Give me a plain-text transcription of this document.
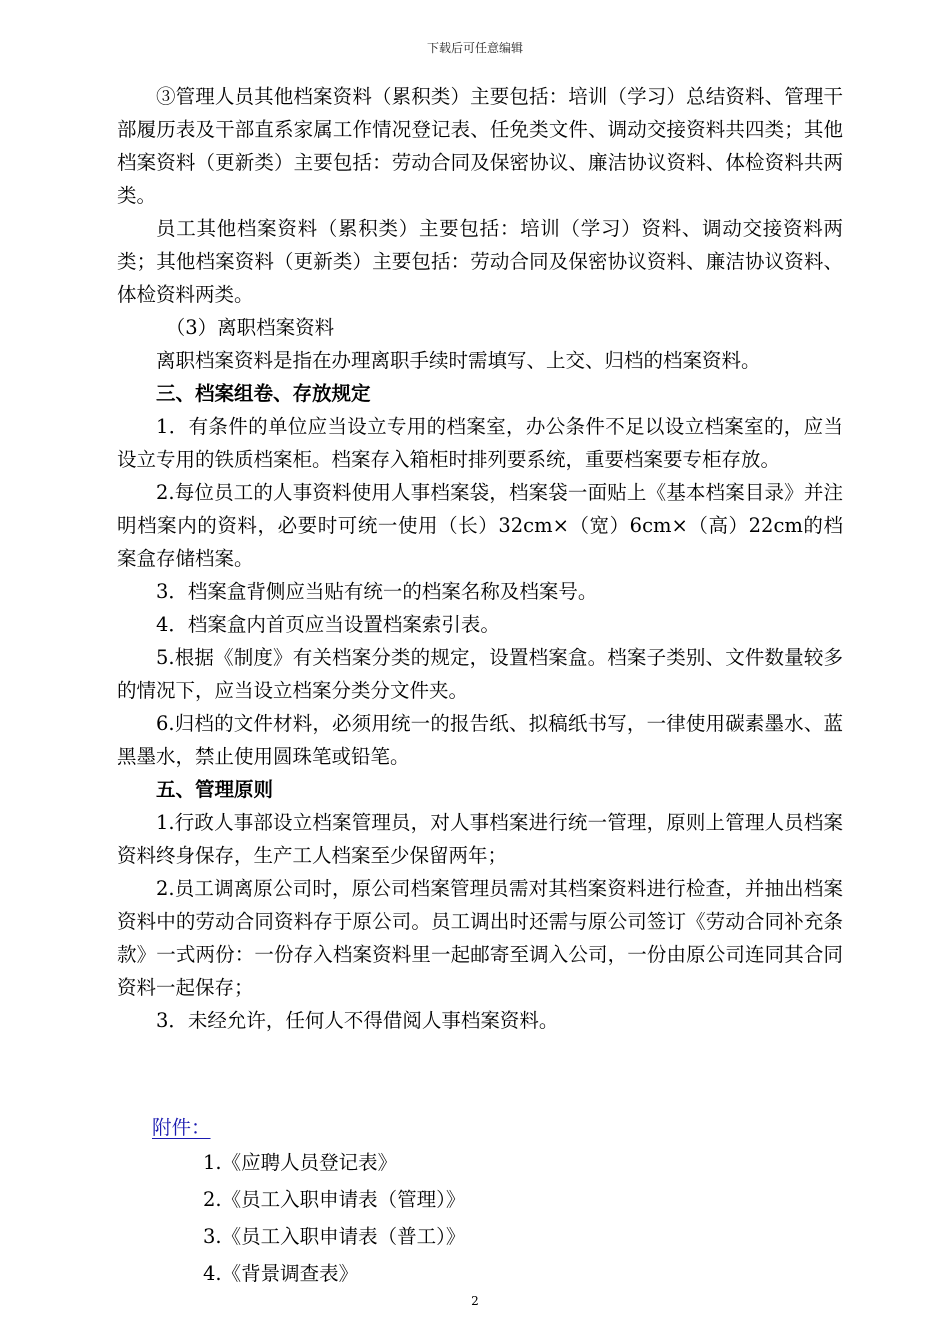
下载后可任意编辑

③管理人员其他档案资料（累积类）主要包括：培训（学习）总结资料、管理干部履历表及干部直系家属工作情况登记表、任免类文件、调动交接资料共四类；其他档案资料（更新类）主要包括：劳动合同及保密协议、廉洁协议资料、体检资料共两类。

员工其他档案资料（累积类）主要包括：培训（学习）资料、调动交接资料两类；其他档案资料（更新类）主要包括：劳动合同及保密协议资料、廉洁协议资料、体检资料两类。

（3）离职档案资料

离职档案资料是指在办理离职手续时需填写、上交、归档的档案资料。

三、档案组卷、存放规定

1．有条件的单位应当设立专用的档案室，办公条件不足以设立档案室的，应当设立专用的铁质档案柜。档案存入箱柜时排列要系统，重要档案要专柜存放。

2.每位员工的人事资料使用人事档案袋，档案袋一面贴上《基本档案目录》并注明档案内的资料，必要时可统一使用（长）32cm×（宽）6cm×（高）22cm的档案盒存储档案。

3．档案盒背侧应当贴有统一的档案名称及档案号。

4．档案盒内首页应当设置档案索引表。

5.根据《制度》有关档案分类的规定，设置档案盒。档案子类别、文件数量较多的情况下，应当设立档案分类分文件夹。

6.归档的文件材料，必须用统一的报告纸、拟稿纸书写，一律使用碳素墨水、蓝黑墨水，禁止使用圆珠笔或铅笔。

五、管理原则

1.行政人事部设立档案管理员，对人事档案进行统一管理，原则上管理人员档案资料终身保存，生产工人档案至少保留两年；

2.员工调离原公司时，原公司档案管理员需对其档案资料进行检查，并抽出档案资料中的劳动合同资料存于原公司。员工调出时还需与原公司签订《劳动合同补充条款》一式两份：一份存入档案资料里一起邮寄至调入公司，一份由原公司连同其合同资料一起保存；

3．未经允许，任何人不得借阅人事档案资料。

附件：
1.《应聘人员登记表》
2.《员工入职申请表（管理）》
3.《员工入职申请表（普工）》
4.《背景调查表》
2
